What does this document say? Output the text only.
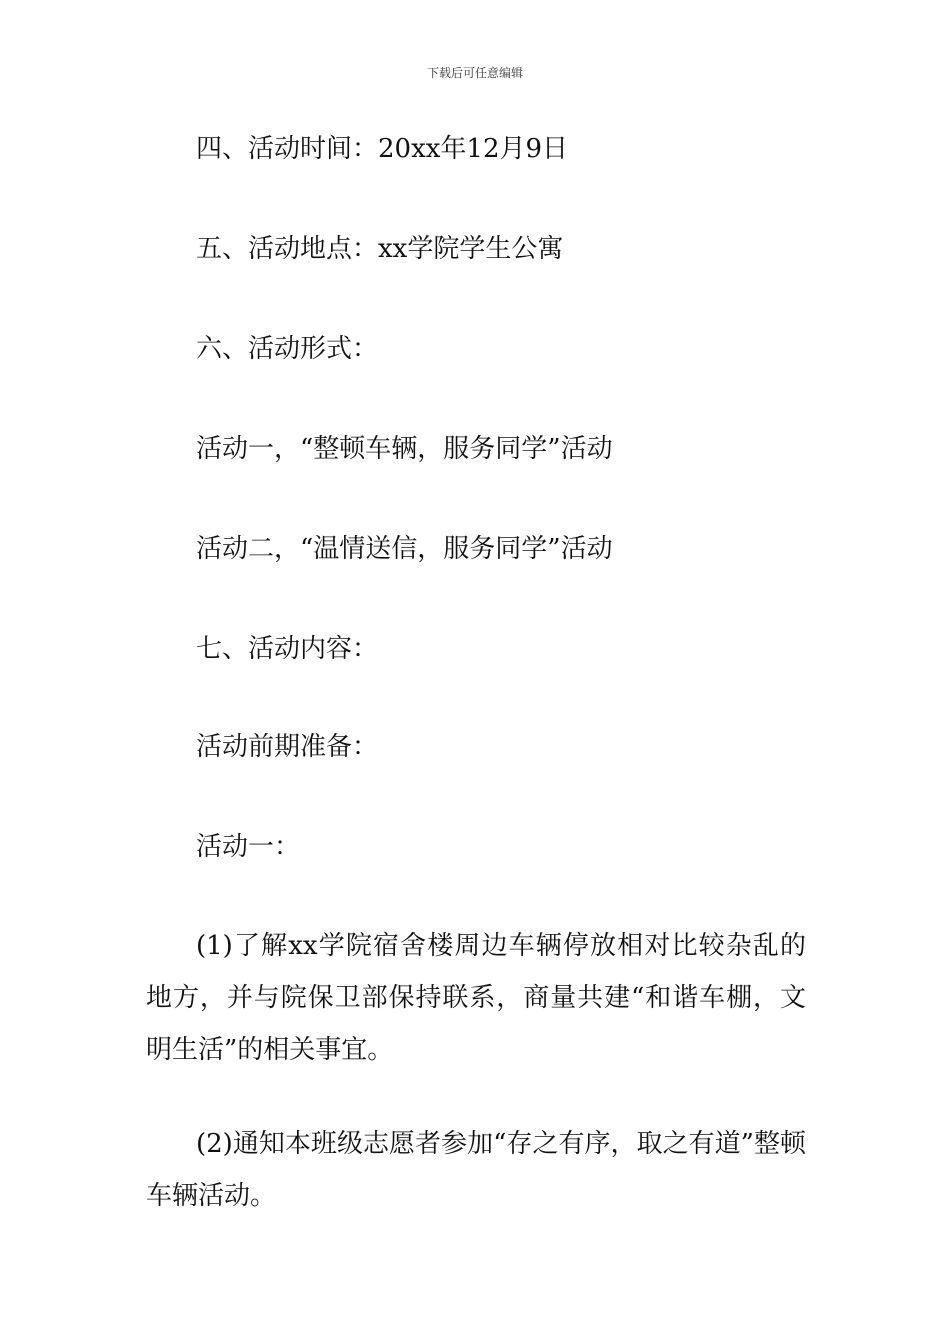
下载后可任意编辑
四、活动时间：20xx年12月9日
五、活动地点：xx学院学生公寓
六、活动形式：
活动一，“整顿车辆，服务同学”活动
活动二，“温情送信，服务同学”活动
七、活动内容：
活动前期准备：
活动一：
(1)了解xx学院宿舍楼周边车辆停放相对比较杂乱的地方，并与院保卫部保持联系，商量共建“和谐车棚，文明生活”的相关事宜。
(2)通知本班级志愿者参加“存之有序，取之有道”整顿车辆活动。
